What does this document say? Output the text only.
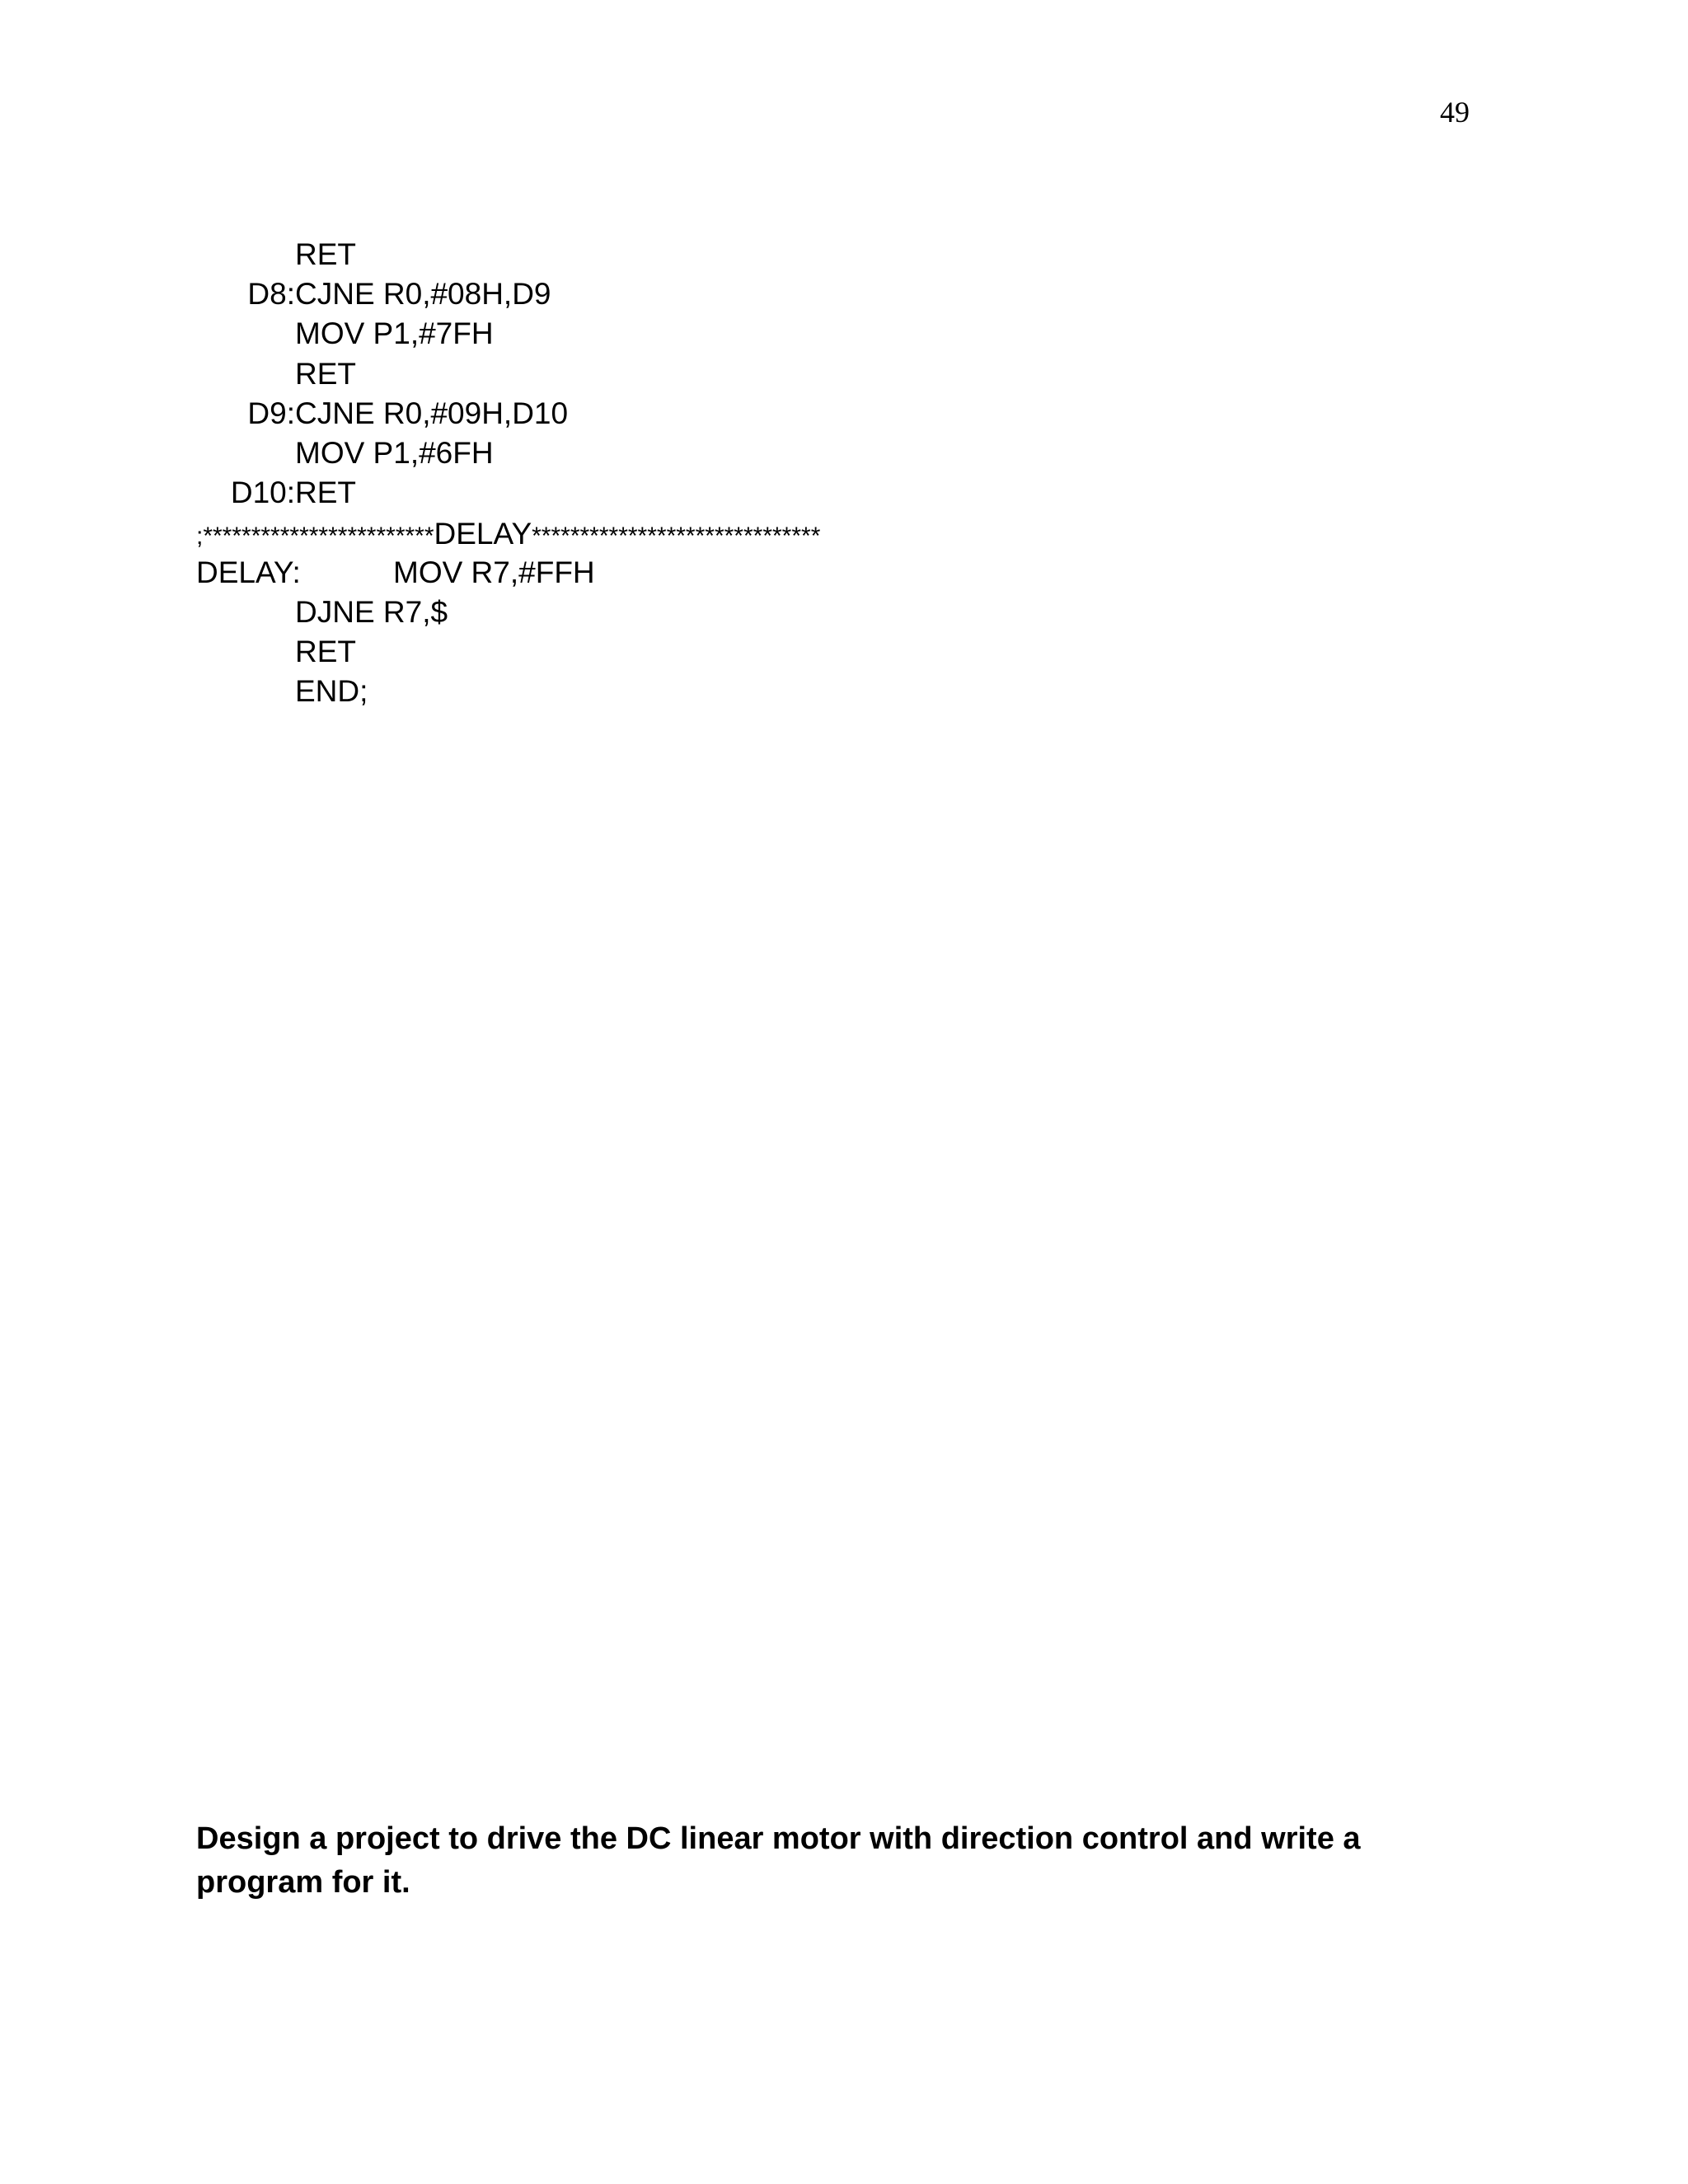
49

RET

D8:

CJNE R0,#08H,D9

MOV P1,#7FH

RET

D9:

CJNE R0,#09H,D10

MOV P1,#6FH

D10:

RET

;************************DELAY******************************

DELAY:

	MOV R7,#FFH

DJNE R7,$

RET

END;

Design a project to drive the DC linear motor with direction control and write a program for it.
